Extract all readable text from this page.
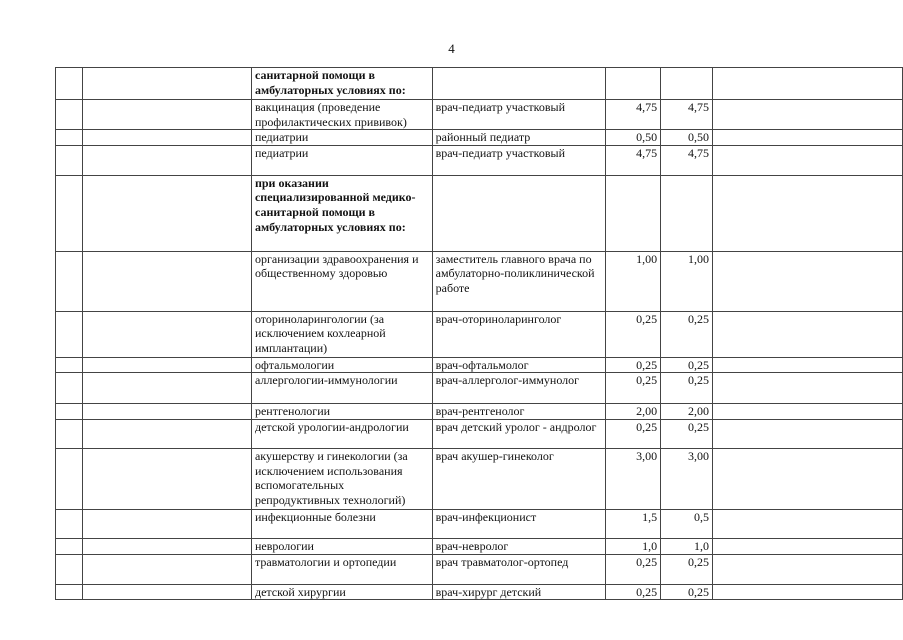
4
		санитарной помощи в амбулаторных условиях по:				
		вакцинация (проведение профилактических прививок)	врач-педиатр участковый	4,75	4,75	
		педиатрии	районный педиатр	0,50	0,50	
		педиатрии	врач-педиатр участковый	4,75	4,75	
		при оказании специализированной медико-санитарной помощи в амбулаторных условиях по:				
		организации здравоохранения и общественному здоровью	заместитель главного врача по амбулаторно-поликлинической работе	1,00	1,00	
		оториноларингологии (за исключением кохлеарной имплантации)	врач-оториноларинголог	0,25	0,25	
		офтальмологии	врач-офтальмолог	0,25	0,25	
		аллергологии-иммунологии	врач-аллерголог-иммунолог	0,25	0,25	
		рентгенологии	врач-рентгенолог	2,00	2,00	
		детской урологии-андрологии	врач детский уролог - андролог	0,25	0,25	
		акушерству и гинекологии (за исключением использования вспомогательных репродуктивных технологий)	врач акушер-гинеколог	3,00	3,00	
		инфекционные болезни	врач-инфекционист	1,5	0,5	
		неврологии	врач-невролог	1,0	1,0	
		травматологии и ортопедии	врач травматолог-ортопед	0,25	0,25	
		детской хирургии	врач-хирург детский	0,25	0,25	
